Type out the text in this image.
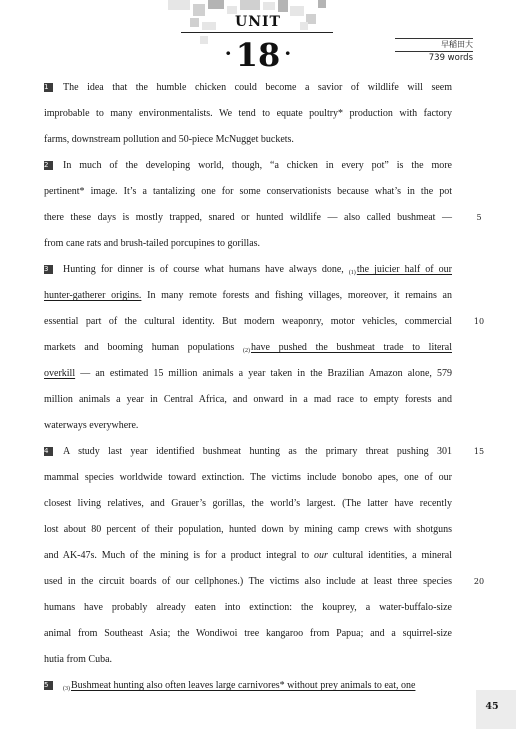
UNIT
· 18 ·	早稲田大
739 words
1 The idea that the humble chicken could become a savior of wildlife will seem
improbable to many environmentalists. We tend to equate poultry* production with factory
farms, downstream pollution and 50-piece McNugget buckets.
2 In much of the developing world, though, “a chicken in every pot” is the more
pertinent* image. It’s a tantalizing one for some conservationists because what’s in the pot
there these days is mostly trapped, snared or hunted wildlife — also called bushmeat —
from cane rats and brush-tailed porcupines to gorillas.
3 Hunting for dinner is of course what humans have always done, $_{(1)}$the juicier half of our
hunter-gatherer origins. In many remote forests and fishing villages, moreover, it remains an
essential part of the cultural identity. But modern weaponry, motor vehicles, commercial
markets and booming human populations $_{(2)}$have pushed the bushmeat trade to literal
overkill — an estimated 15 million animals a year taken in the Brazilian Amazon alone, 579
million animals a year in Central Africa, and onward in a mad race to empty forests and
waterways everywhere.
4 A study last year identified bushmeat hunting as the primary threat pushing 301
mammal species worldwide toward extinction. The victims include bonobo apes, one of our
closest living relatives, and Grauer’s gorillas, the world’s largest. (The latter have recently
lost about 80 percent of their population, hunted down by mining camp crews with shotguns
and AK-47s. Much of the mining is for a product integral to our cultural identities, a mineral
used in the circuit boards of our cellphones.) The victims also include at least three species
humans have probably already eaten into extinction: the kouprey, a water-buffalo-size
animal from Southeast Asia; the Wondiwoi tree kangaroo from Papua; and a squirrel-size
hutia from Cuba.
5 $_{(3)}$Bushmeat hunting also often leaves large carnivores* without prey animals to eat, one
5
10
15
20
45
